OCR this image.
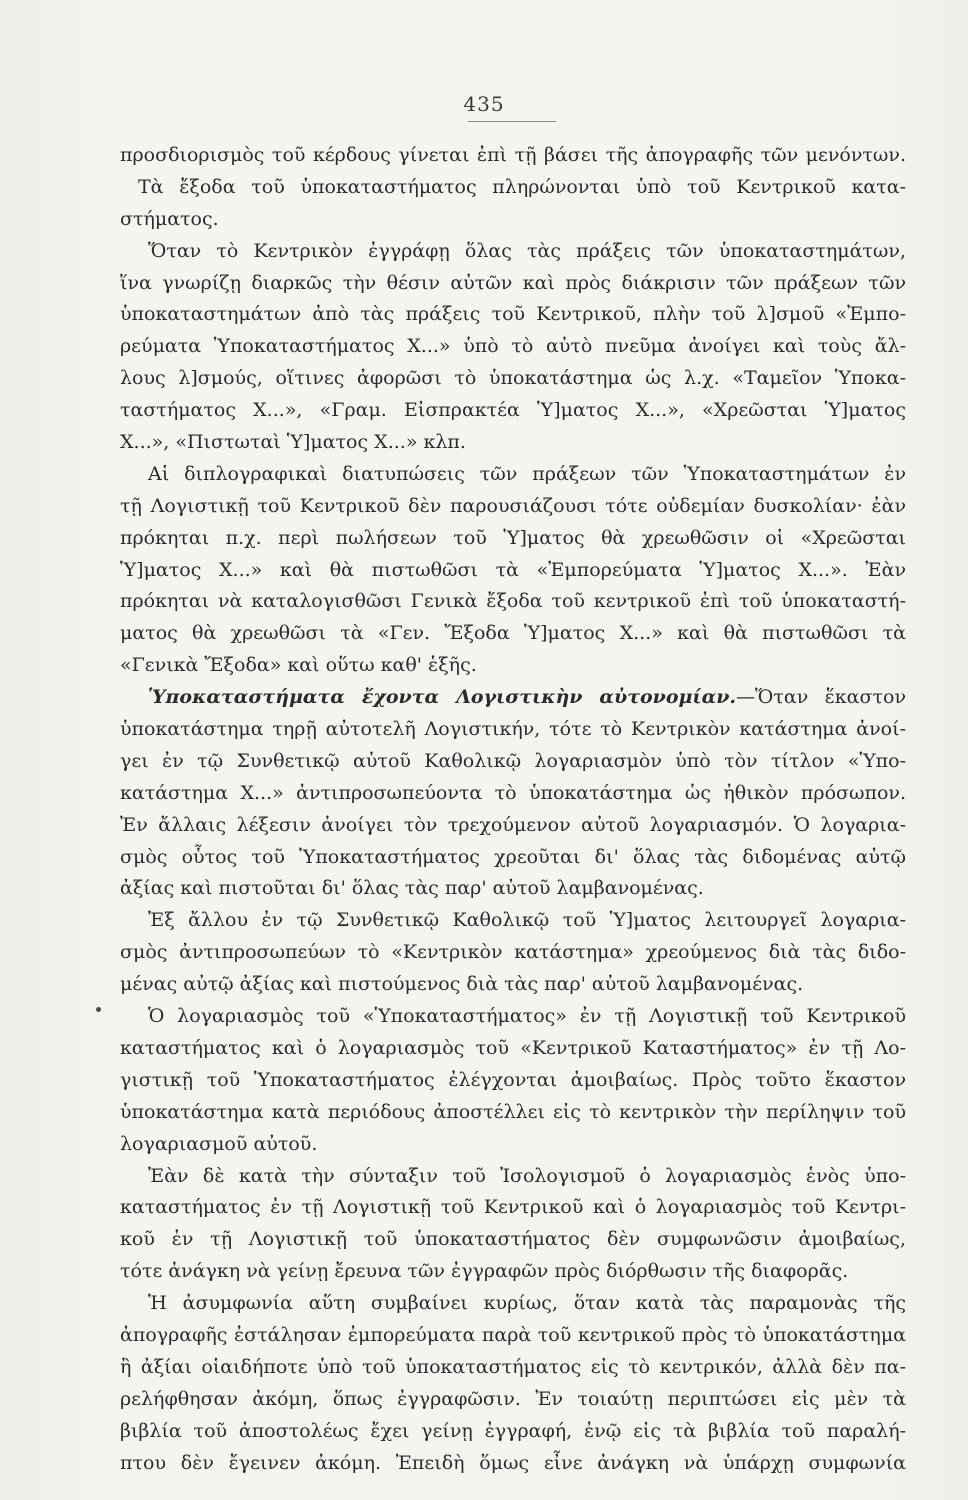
435
προσδιορισμὸς τοῦ κέρδους γίνεται ἐπὶ τῇ βάσει τῆς ἀπογραφῆς τῶν μενόντων.
Τὰ ἔξοδα τοῦ ὑποκαταστήματος πληρώνονται ὑπὸ τοῦ Κεντρικοῦ κατα-
στήματος.
Ὅταν τὸ Κεντρικὸν ἐγγράφῃ ὅλας τὰς πράξεις τῶν ὑποκαταστημάτων,
ἵνα γνωρίζῃ διαρκῶς τὴν θέσιν αὐτῶν καὶ πρὸς διάκρισιν τῶν πράξεων τῶν
ὑποκαταστημάτων ἀπὸ τὰς πράξεις τοῦ Κεντρικοῦ, πλὴν τοῦ λ]σμοῦ «Ἐμπο-
ρεύματα Ὑποκαταστήματος Χ...» ὑπὸ τὸ αὐτὸ πνεῦμα ἀνοίγει καὶ τοὺς ἄλ-
λους λ]σμούς, οἵτινες ἀφορῶσι τὸ ὑποκατάστημα ὡς λ.χ. «Ταμεῖον Ὑποκα-
ταστήματος Χ...», «Γραμ. Εἰσπρακτέα Ὑ]ματος Χ...», «Χρεῶσται Ὑ]ματος
Χ...», «Πιστωταὶ Ὑ]ματος Χ...» κλπ.
Αἱ διπλογραφικαὶ διατυπώσεις τῶν πράξεων τῶν Ὑποκαταστημάτων ἐν
τῇ Λογιστικῇ τοῦ Κεντρικοῦ δὲν παρουσιάζουσι τότε οὐδεμίαν δυσκολίαν· ἐὰν
πρόκηται π.χ. περὶ πωλήσεων τοῦ Ὑ]ματος θὰ χρεωθῶσιν οἱ «Χρεῶσται
Ὑ]ματος Χ...» καὶ θὰ πιστωθῶσι τὰ «Ἐμπορεύματα Ὑ]ματος Χ...». Ἐὰν
πρόκηται νὰ καταλογισθῶσι Γενικὰ ἔξοδα τοῦ κεντρικοῦ ἐπὶ τοῦ ὑποκαταστή-
ματος θὰ χρεωθῶσι τὰ «Γεν. Ἔξοδα Ὑ]ματος Χ...» καὶ θὰ πιστωθῶσι τὰ
«Γενικὰ Ἔξοδα» καὶ οὕτω καθ' ἑξῆς.
Ὑποκαταστήματα ἔχοντα Λογιστικὴν αὐτονομίαν.—Ὅταν ἕκαστον
ὑποκατάστημα τηρῇ αὐτοτελῆ Λογιστικήν, τότε τὸ Κεντρικὸν κατάστημα ἀνοί-
γει ἐν τῷ Συνθετικῷ αὐτοῦ Καθολικῷ λογαριασμὸν ὑπὸ τὸν τίτλον «Ὑπο-
κατάστημα Χ...» ἀντιπροσωπεύοντα τὸ ὑποκατάστημα ὡς ἠθικὸν πρόσωπον.
Ἐν ἄλλαις λέξεσιν ἀνοίγει τὸν τρεχούμενον αὐτοῦ λογαριασμόν. Ὁ λογαρια-
σμὸς οὗτος τοῦ Ὑποκαταστήματος χρεοῦται δι' ὅλας τὰς διδομένας αὐτῷ
ἀξίας καὶ πιστοῦται δι' ὅλας τὰς παρ' αὐτοῦ λαμβανομένας.
Ἐξ ἄλλου ἐν τῷ Συνθετικῷ Καθολικῷ τοῦ Ὑ]ματος λειτουργεῖ λογαρια-
σμὸς ἀντιπροσωπεύων τὸ «Κεντρικὸν κατάστημα» χρεούμενος διὰ τὰς διδο-
μένας αὐτῷ ἀξίας καὶ πιστούμενος διὰ τὰς παρ' αὐτοῦ λαμβανομένας.
Ὁ λογαριασμὸς τοῦ «Ὑποκαταστήματος» ἐν τῇ Λογιστικῇ τοῦ Κεντρικοῦ
καταστήματος καὶ ὁ λογαριασμὸς τοῦ «Κεντρικοῦ Καταστήματος» ἐν τῇ Λο-
γιστικῇ τοῦ Ὑποκαταστήματος ἐλέγχονται ἀμοιβαίως. Πρὸς τοῦτο ἕκαστον
ὑποκατάστημα κατὰ περιόδους ἀποστέλλει εἰς τὸ κεντρικὸν τὴν περίληψιν τοῦ
λογαριασμοῦ αὐτοῦ.
Ἐὰν δὲ κατὰ τὴν σύνταξιν τοῦ Ἰσολογισμοῦ ὁ λογαριασμὸς ἑνὸς ὑπο-
καταστήματος ἐν τῇ Λογιστικῇ τοῦ Κεντρικοῦ καὶ ὁ λογαριασμὸς τοῦ Κεντρι-
κοῦ ἐν τῇ Λογιστικῇ τοῦ ὑποκαταστήματος δὲν συμφωνῶσιν ἀμοιβαίως,
τότε ἀνάγκη νὰ γείνῃ ἔρευνα τῶν ἐγγραφῶν πρὸς διόρθωσιν τῆς διαφορᾶς.
Ἡ ἀσυμφωνία αὕτη συμβαίνει κυρίως, ὅταν κατὰ τὰς παραμονὰς τῆς
ἀπογραφῆς ἐστάλησαν ἐμπορεύματα παρὰ τοῦ κεντρικοῦ πρὸς τὸ ὑποκατάστημα
ἢ ἀξίαι οἱαιδήποτε ὑπὸ τοῦ ὑποκαταστήματος εἰς τὸ κεντρικόν, ἀλλὰ δὲν πα-
ρελήφθησαν ἀκόμη, ὅπως ἐγγραφῶσιν. Ἐν τοιαύτῃ περιπτώσει εἰς μὲν τὰ
βιβλία τοῦ ἀποστολέως ἔχει γείνῃ ἐγγραφή, ἐνῷ εἰς τὰ βιβλία τοῦ παραλή-
πτου δὲν ἔγεινεν ἀκόμη. Ἐπειδὴ ὅμως εἶνε ἀνάγκη νὰ ὑπάρχῃ συμφωνία
